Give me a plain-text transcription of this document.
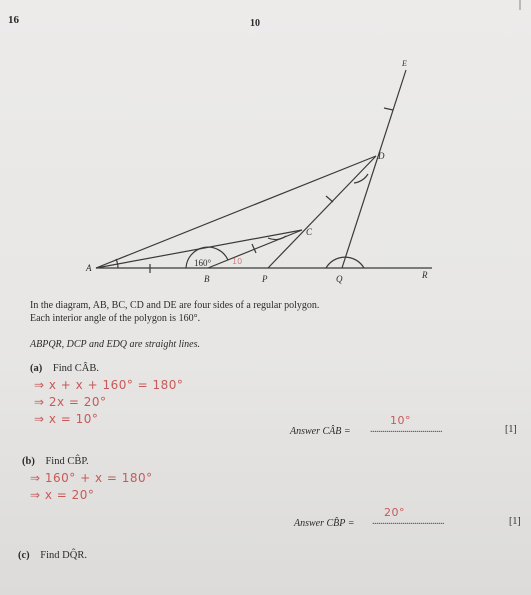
16	10
A
B	P	Q	R
C
D
E
160°	10
In the diagram, AB, BC, CD and DE are four sides of a regular polygon.
Each interior angle of the polygon is 160°.
ABPQR, DCP and EDQ are straight lines.
(a) Find CÂB.
⇒ x + x + 160° = 180°
⇒ 2x = 20°
⇒ x = 10°
Answer CÂB =
10°
....................................	[1]
(b) Find CB̂P.
⇒ 160° + x = 180°
⇒ x = 20°
Answer CB̂P =
20°
....................................	[1]
(c) Find DQ̂R.
